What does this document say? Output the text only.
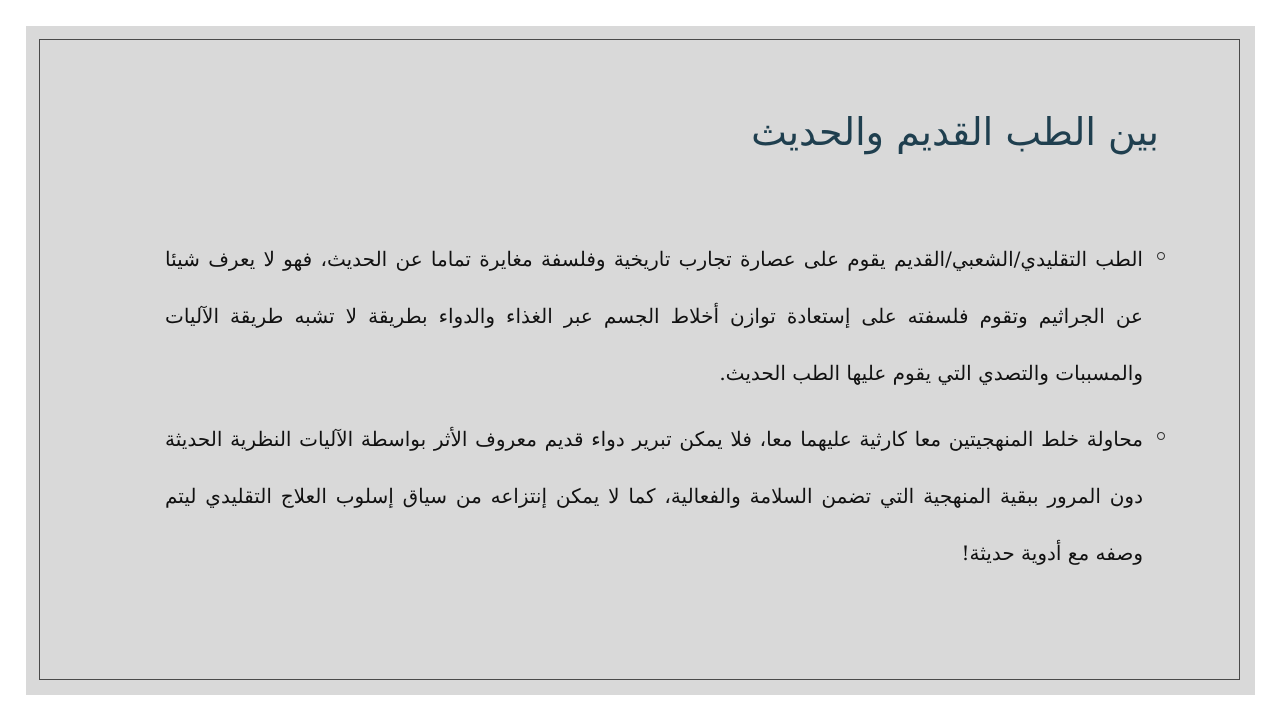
بين الطب القديم والحديث
الطب التقليدي/الشعبي/القديم يقوم على عصارة تجارب تاريخية وفلسفة مغايرة تماما عن الحديث، فهو لا يعرف شيئا عن الجراثيم وتقوم فلسفته على إستعادة توازن أخلاط الجسم عبر الغذاء والدواء بطريقة لا تشبه طريقة الآليات والمسببات والتصدي التي يقوم عليها الطب الحديث.
محاولة خلط المنهجيتين معا كارثية عليهما معا، فلا يمكن تبرير دواء قديم معروف الأثر بواسطة الآليات النظرية الحديثة دون المرور ببقية المنهجية التي تضمن السلامة والفعالية، كما لا يمكن إنتزاعه من سياق إسلوب العلاج التقليدي ليتم وصفه مع أدوية حديثة!
